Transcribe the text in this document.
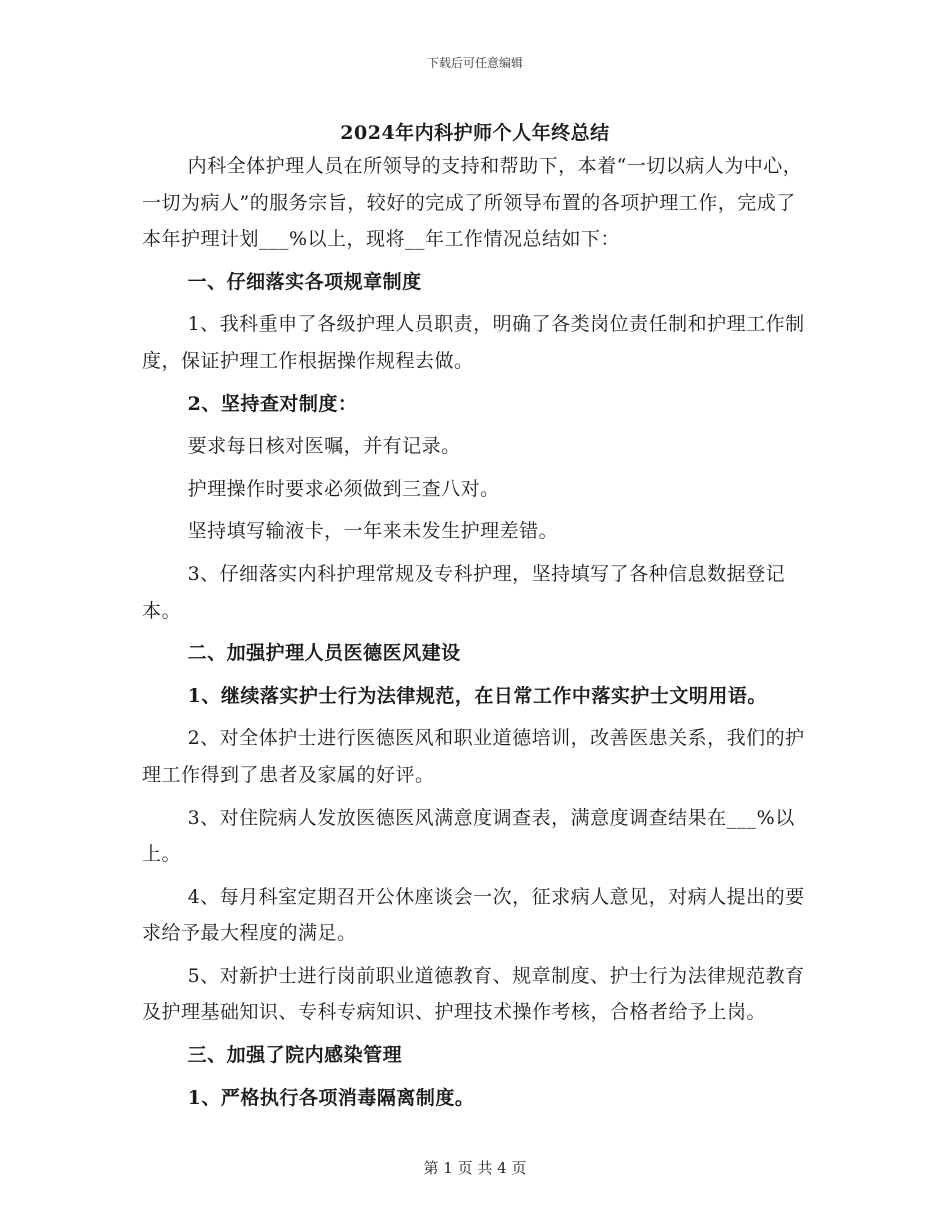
下载后可任意编辑
2024年内科护师个人年终总结

内科全体护理人员在所领导的支持和帮助下，本着“一切以病人为中心，一切为病人”的服务宗旨，较好的完成了所领导布置的各项护理工作，完成了本年护理计划___%以上，现将__年工作情况总结如下：

一、仔细落实各项规章制度

1、我科重申了各级护理人员职责，明确了各类岗位责任制和护理工作制度，保证护理工作根据操作规程去做。

2、坚持查对制度：

要求每日核对医嘱，并有记录。

护理操作时要求必须做到三查八对。

坚持填写输液卡，一年来未发生护理差错。

3、仔细落实内科护理常规及专科护理，坚持填写了各种信息数据登记本。

二、加强护理人员医德医风建设

1、继续落实护士行为法律规范，在日常工作中落实护士文明用语。

2、对全体护士进行医德医风和职业道德培训，改善医患关系，我们的护理工作得到了患者及家属的好评。

3、对住院病人发放医德医风满意度调查表，满意度调查结果在___%以上。

4、每月科室定期召开公休座谈会一次，征求病人意见，对病人提出的要求给予最大程度的满足。

5、对新护士进行岗前职业道德教育、规章制度、护士行为法律规范教育及护理基础知识、专科专病知识、护理技术操作考核，合格者给予上岗。

三、加强了院内感染管理

1、严格执行各项消毒隔离制度。

第 1 页 共 4 页
